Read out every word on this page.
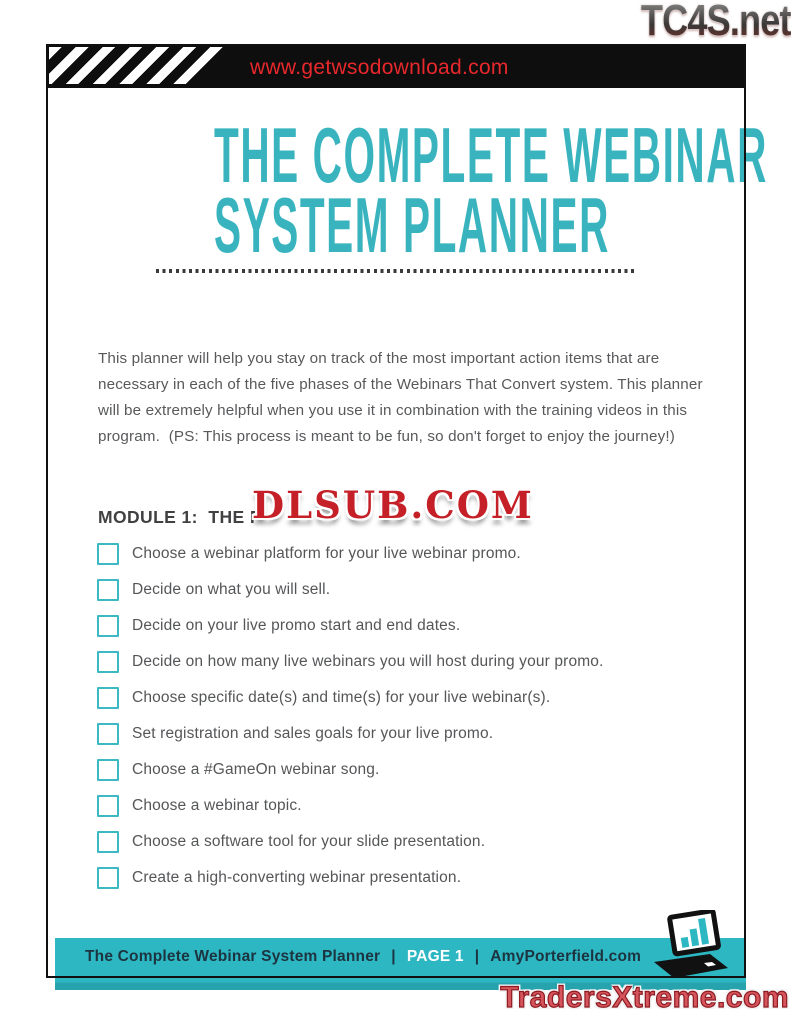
TC4S.net
www.getwsodownload.com
THE COMPLETE WEBINAR
SYSTEM PLANNER

This planner will help you stay on track of the most important action items that are necessary in each of the five phases of the Webinars That Convert system. This planner will be extremely helpful when you use it in combination with the training videos in this program.  (PS: This process is meant to be fun, so don't forget to enjoy the journey!)

MODULE 1:  THE P
DLSUB.COM
Choose a webinar platform for your live webinar promo.
Decide on what you will sell.
Decide on your live promo start and end dates.
Decide on how many live webinars you will host during your promo.
Choose specific date(s) and time(s) for your live webinar(s).
Set registration and sales goals for your live promo.
Choose a #GameOn webinar song.
Choose a webinar topic.
Choose a software tool for your slide presentation.
Create a high-converting webinar presentation.
The Complete Webinar System Planner | PAGE 1 | AmyPorterfield.com
TradersXtreme.com
